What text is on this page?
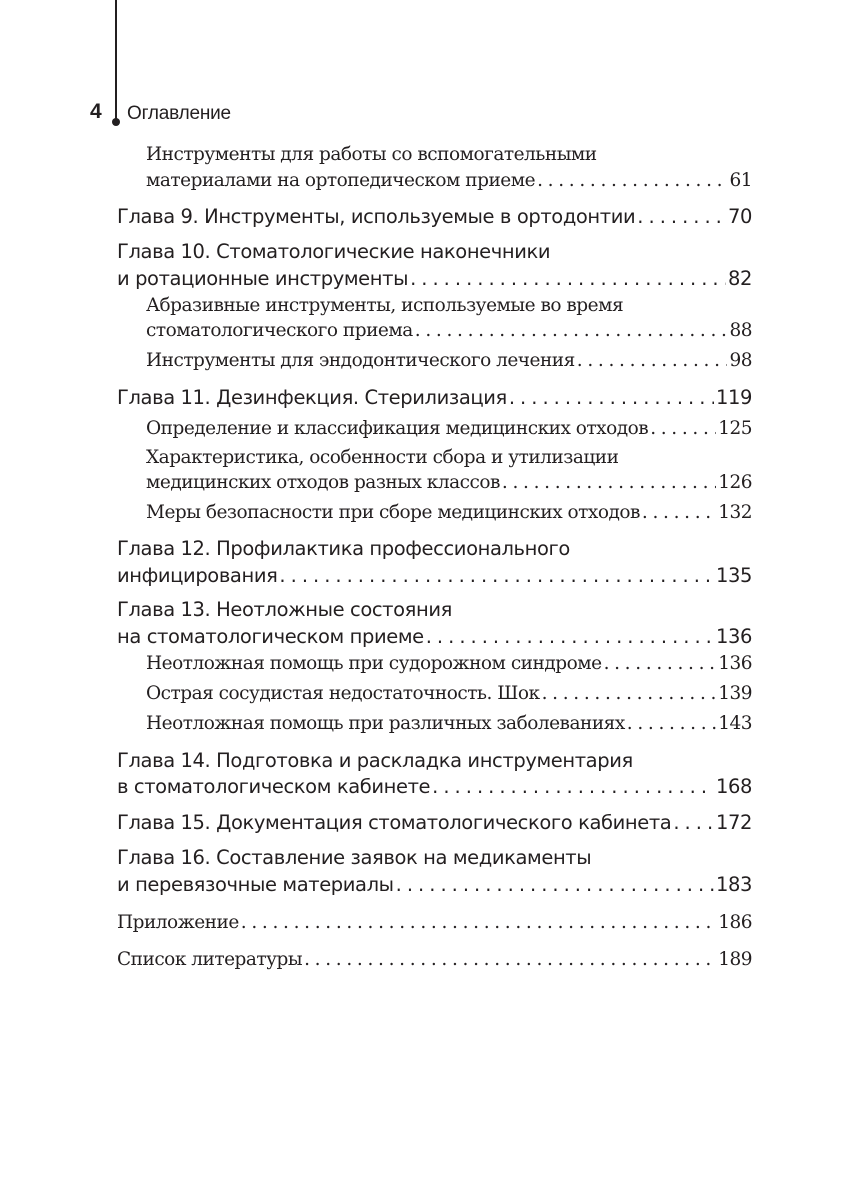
4 Оглавление
Инструменты для работы со вспомогательными
материалами на ортопедическом приеме . . .	61
Глава 9. Инструменты, используемые в ортодонтии . . .	70
Глава 10. Стоматологические наконечники
и ротационные инструменты . . .	82
Абразивные инструменты, используемые во время
стоматологического приема . . .	88
Инструменты для эндодонтического лечения . . .	98
Глава 11. Дезинфекция. Стерилизация . . .	119
Определение и классификация медицинских отходов . . .	125
Характеристика, особенности сбора и утилизации
медицинских отходов разных классов . . .	126
Меры безопасности при сборе медицинских отходов . . .	132
Глава 12. Профилактика профессионального
инфицирования . . .	135
Глава 13. Неотложные состояния
на стоматологическом приеме . . .	136
Неотложная помощь при судорожном синдроме . . .	136
Острая сосудистая недостаточность. Шок . . .	139
Неотложная помощь при различных заболеваниях . . .	143
Глава 14. Подготовка и раскладка инструментария
в стоматологическом кабинете . . .	168
Глава 15. Документация стоматологического кабинета . . . 172
Глава 16. Составление заявок на медикаменты
и перевязочные материалы . . .	183
Приложение . . .	186
Список литературы . . .	189
